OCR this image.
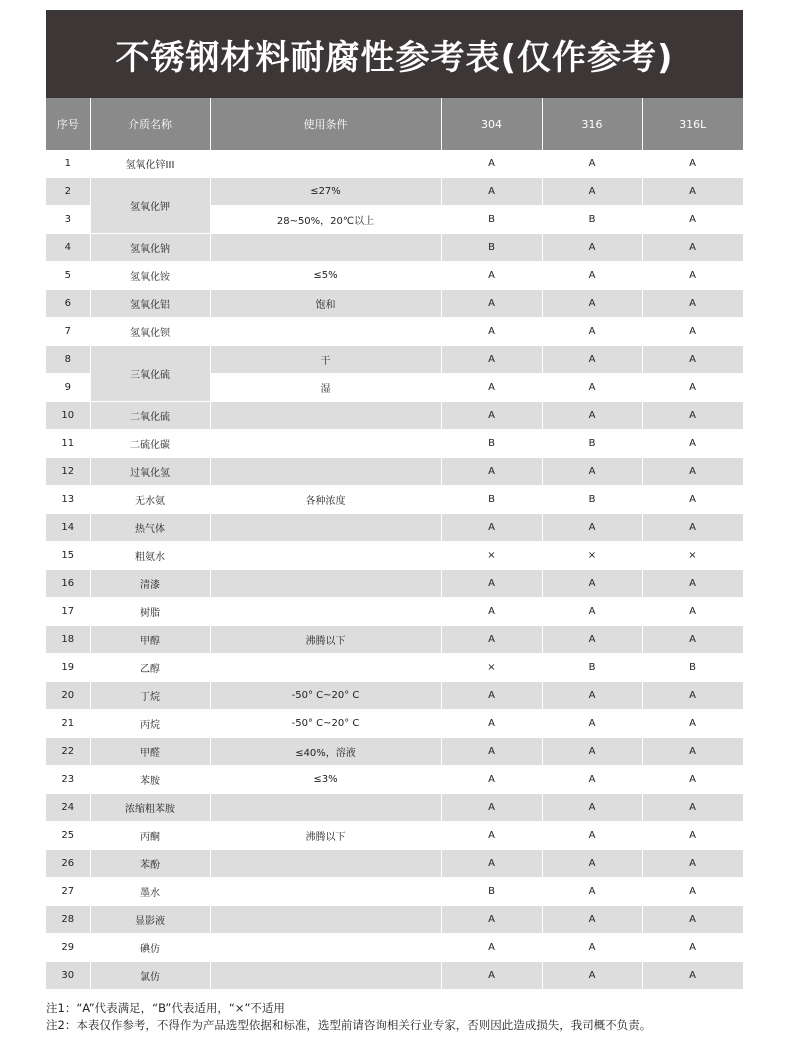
不锈钢材料耐腐性参考表(仅作参考)
序号	介质名称	使用条件	304	316	316L
1	氢氧化锌III		A	A	A
2	氢氧化钾	≤27%	A	A	A
3		28~50%，20℃以上	B	B	A
4	氢氧化钠		B	A	A
5	氢氧化铵	≤5%	A	A	A
6	氢氧化铝	饱和	A	A	A
7	氢氧化钡		A	A	A
8	三氧化硫	干	A	A	A
9		湿	A	A	A
10	二氧化硫		A	A	A
11	二硫化碳		B	B	A
12	过氧化氢		A	A	A
13	无水氨	各种浓度	B	B	A
14	热气体		A	A	A
15	粗氨水		×	×	×
16	清漆		A	A	A
17	树脂		A	A	A
18	甲醇	沸腾以下	A	A	A
19	乙醇		×	B	B
20	丁烷	-50° C~20° C	A	A	A
21	丙烷	-50° C~20° C	A	A	A
22	甲醛	≤40%，溶液	A	A	A
23	苯胺	≤3%	A	A	A
24	浓缩粗苯胺		A	A	A
25	丙酮	沸腾以下	A	A	A
26	苯酚		A	A	A
27	墨水		B	A	A
28	显影液		A	A	A
29	碘仿		A	A	A
30	氯仿		A	A	A
注1：“A”代表满足，“B”代表适用，“×”不适用
注2：本表仅作参考，不得作为产品选型依据和标准，选型前请咨询相关行业专家，否则因此造成损失，我司概不负责。
